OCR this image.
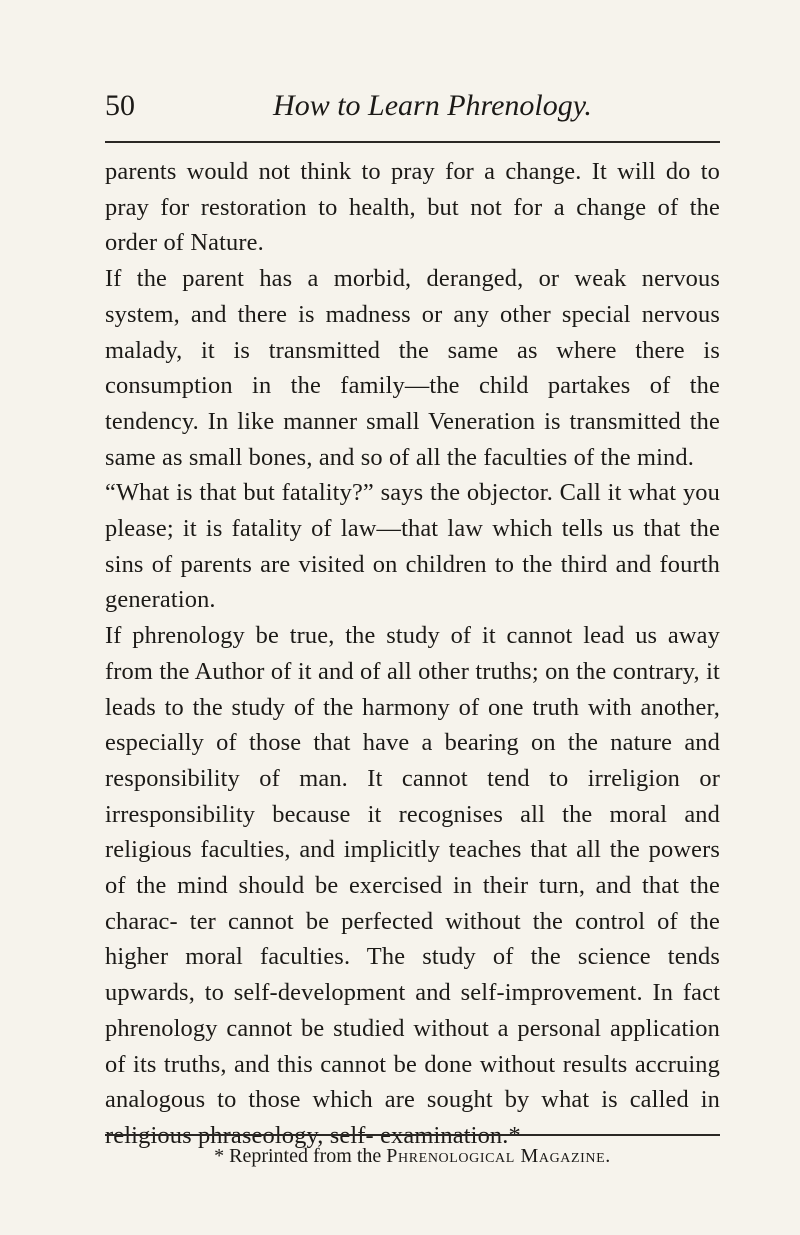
50	How to Learn Phrenology.

parents would not think to pray for a change. It will do to pray for restoration to health, but not for a change of the order of Nature.

If the parent has a morbid, deranged, or weak nervous system, and there is madness or any other special nervous malady, it is transmitted the same as where there is consumption in the family—the child partakes of the tendency. In like manner small Veneration is transmitted the same as small bones, and so of all the faculties of the mind.

“What is that but fatality?” says the objector. Call it what you please; it is fatality of law—that law which tells us that the sins of parents are visited on children to the third and fourth generation.

If phrenology be true, the study of it cannot lead us away from the Author of it and of all other truths; on the contrary, it leads to the study of the harmony of one truth with another, especially of those that have a bearing on the nature and responsibility of man. It cannot tend to irreligion or irresponsibility because it recognises all the moral and religious faculties, and implicitly teaches that all the powers of the mind should be exercised in their turn, and that the charac- ter cannot be perfected without the control of the higher moral faculties. The study of the science tends upwards, to self-development and self-improvement. In fact phrenology cannot be studied without a personal application of its truths, and this cannot be done without results accruing analogous to those which are sought by what is called in religious phraseology, self- examination.*

* Reprinted from the Phrenological Magazine.
